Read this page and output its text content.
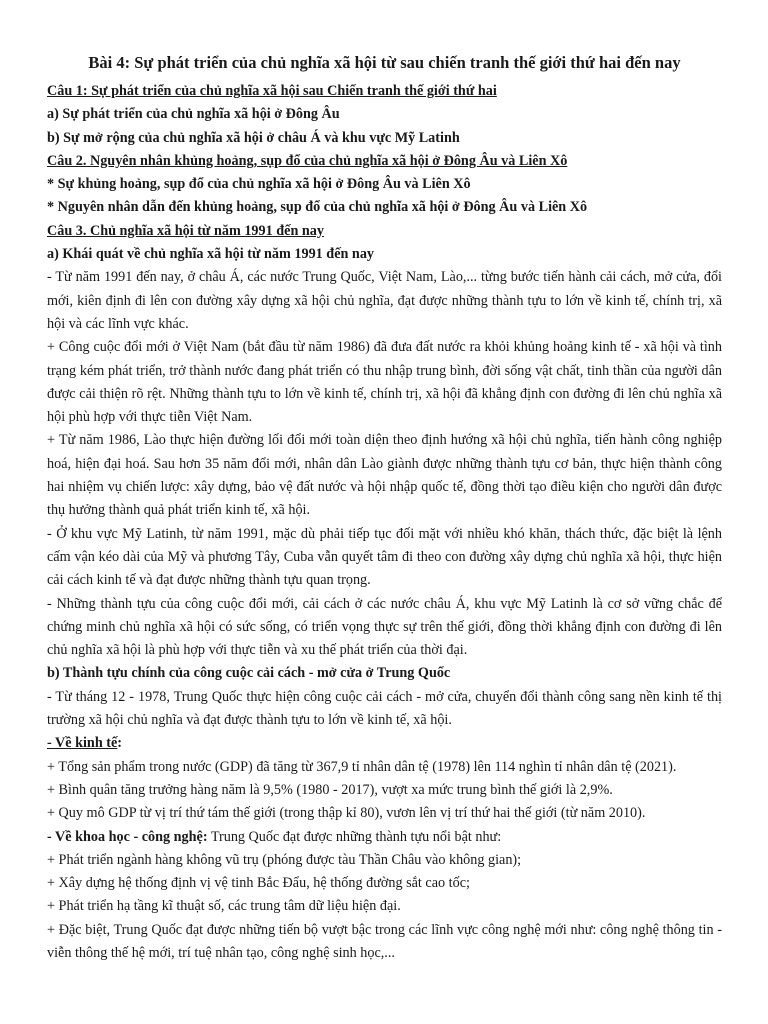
Bài 4: Sự phát triển của chủ nghĩa xã hội từ sau chiến tranh thế giới thứ hai đến nay

Câu 1: Sự phát triển của chủ nghĩa xã hội sau Chiến tranh thế giới thứ hai

a) Sự phát triển của chủ nghĩa xã hội ở Đông Âu

b) Sự mở rộng của chủ nghĩa xã hội ở châu Á và khu vực Mỹ Latinh

Câu 2. Nguyên nhân khủng hoảng, sụp đổ của chủ nghĩa xã hội ở Đông Âu và Liên Xô

* Sự khủng hoảng, sụp đổ của chủ nghĩa xã hội ở Đông Âu và Liên Xô

* Nguyên nhân dẫn đến khủng hoảng, sụp đổ của chủ nghĩa xã hội ở Đông Âu và Liên Xô

Câu 3. Chủ nghĩa xã hội từ năm 1991 đến nay

a) Khái quát về chủ nghĩa xã hội từ năm 1991 đến nay

- Từ năm 1991 đến nay, ở châu Á, các nước Trung Quốc, Việt Nam, Lào,... từng bước tiến hành cải cách, mở cửa, đổi mới, kiên định đi lên con đường xây dựng xã hội chủ nghĩa, đạt được những thành tựu to lớn về kinh tế, chính trị, xã hội và các lĩnh vực khác.

+ Công cuộc đổi mới ở Việt Nam (bắt đầu từ năm 1986) đã đưa đất nước ra khỏi khủng hoảng kinh tế - xã hội và tình trạng kém phát triển, trở thành nước đang phát triển có thu nhập trung bình, đời sống vật chất, tinh thần của người dân được cải thiện rõ rệt. Những thành tựu to lớn về kinh tế, chính trị, xã hội đã khẳng định con đường đi lên chủ nghĩa xã hội phù hợp với thực tiễn Việt Nam.

+ Từ năm 1986, Lào thực hiện đường lối đổi mới toàn diện theo định hướng xã hội chủ nghĩa, tiến hành công nghiệp hoá, hiện đại hoá. Sau hơn 35 năm đổi mới, nhân dân Lào giành được những thành tựu cơ bản, thực hiện thành công hai nhiệm vụ chiến lược: xây dựng, bảo vệ đất nước và hội nhập quốc tế, đồng thời tạo điều kiện cho người dân được thụ hưởng thành quả phát triển kinh tế, xã hội.

- Ở khu vực Mỹ Latinh, từ năm 1991, mặc dù phải tiếp tục đối mặt với nhiều khó khăn, thách thức, đặc biệt là lệnh cấm vận kéo dài của Mỹ và phương Tây, Cuba vẫn quyết tâm đi theo con đường xây dựng chủ nghĩa xã hội, thực hiện cải cách kinh tế và đạt được những thành tựu quan trọng.

- Những thành tựu của công cuộc đổi mới, cải cách ở các nước châu Á, khu vực Mỹ Latinh là cơ sở vững chắc để chứng minh chủ nghĩa xã hội có sức sống, có triển vọng thực sự trên thế giới, đồng thời khẳng định con đường đi lên chủ nghĩa xã hội là phù hợp với thực tiễn và xu thế phát triển của thời đại.

b) Thành tựu chính của công cuộc cải cách - mở cửa ở Trung Quốc

- Từ tháng 12 - 1978, Trung Quốc thực hiện công cuộc cải cách - mở cửa, chuyển đổi thành công sang nền kinh tế thị trường xã hội chủ nghĩa và đạt được thành tựu to lớn về kinh tế, xã hội.

- Về kinh tế:

+ Tổng sản phẩm trong nước (GDP) đã tăng từ 367,9 tỉ nhân dân tệ (1978) lên 114 nghìn tỉ nhân dân tệ (2021).

+ Bình quân tăng trưởng hàng năm là 9,5% (1980 - 2017), vượt xa mức trung bình thế giới là 2,9%.

+ Quy mô GDP từ vị trí thứ tám thế giới (trong thập kỉ 80), vươn lên vị trí thứ hai thế giới (từ năm 2010).

- Về khoa học - công nghệ: Trung Quốc đạt được những thành tựu nổi bật như:

+ Phát triển ngành hàng không vũ trụ (phóng được tàu Thần Châu vào không gian);

+ Xây dựng hệ thống định vị vệ tinh Bắc Đẩu, hệ thống đường sắt cao tốc;

+ Phát triển hạ tầng kĩ thuật số, các trung tâm dữ liệu hiện đại.

+ Đặc biệt, Trung Quốc đạt được những tiến bộ vượt bậc trong các lĩnh vực công nghệ mới như: công nghệ thông tin - viễn thông thế hệ mới, trí tuệ nhân tạo, công nghệ sinh học,...
